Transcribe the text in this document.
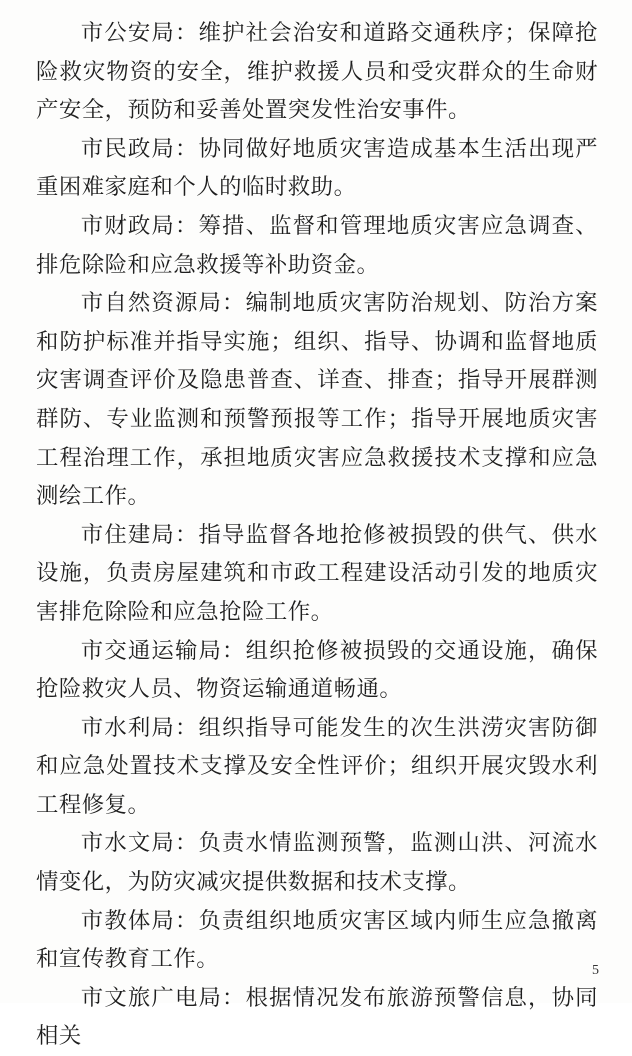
市公安局：维护社会治安和道路交通秩序；保障抢险救灾物资的安全，维护救援人员和受灾群众的生命财产安全，预防和妥善处置突发性治安事件。

市民政局：协同做好地质灾害造成基本生活出现严重困难家庭和个人的临时救助。

市财政局：筹措、监督和管理地质灾害应急调查、排危除险和应急救援等补助资金。

市自然资源局：编制地质灾害防治规划、防治方案和防护标准并指导实施；组织、指导、协调和监督地质灾害调查评价及隐患普查、详查、排查；指导开展群测群防、专业监测和预警预报等工作；指导开展地质灾害工程治理工作，承担地质灾害应急救援技术支撑和应急测绘工作。

市住建局：指导监督各地抢修被损毁的供气、供水设施，负责房屋建筑和市政工程建设活动引发的地质灾害排危除险和应急抢险工作。

市交通运输局：组织抢修被损毁的交通设施，确保抢险救灾人员、物资运输通道畅通。

市水利局：组织指导可能发生的次生洪涝灾害防御和应急处置技术支撑及安全性评价；组织开展灾毁水利工程修复。

市水文局：负责水情监测预警，监测山洪、河流水情变化，为防灾减灾提供数据和技术支撑。

市教体局：负责组织地质灾害区域内师生应急撤离和宣传教育工作。

市文旅广电局：根据情况发布旅游预警信息，协同相关

5
